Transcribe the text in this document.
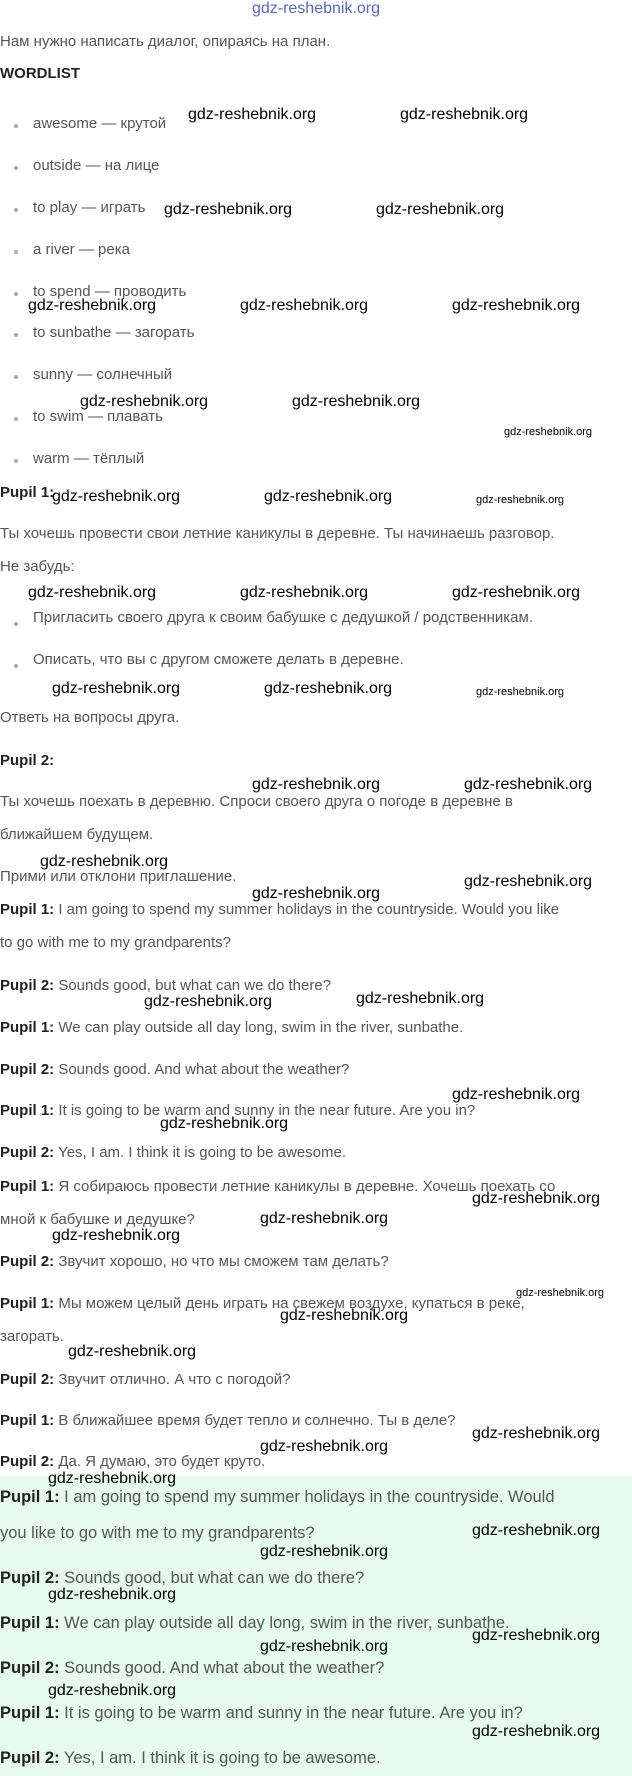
gdz-reshebnik.org
Нам нужно написать диалог, опираясь на план.
WORDLIST
awesome — крутой
outside — на лице
to play — играть
a river — река
to spend — проводить
to sunbathe — загорать
sunny — солнечный
to swim — плавать
warm — тёплый
Pupil 1:
Ты хочешь провести свои летние каникулы в деревне. Ты начинаешь разговор.
Не забудь:
Пригласить своего друга к своим бабушке с дедушкой / родственникам.
Описать, что вы с другом сможете делать в деревне.
Ответь на вопросы друга.
Pupil 2:
Ты хочешь поехать в деревню. Спроси своего друга о погоде в деревне в
ближайшем будущем.
Прими или отклони приглашение.
Pupil 1: I am going to spend my summer holidays in the countryside. Would you like
to go with me to my grandparents?
Pupil 2: Sounds good, but what can we do there?
Pupil 1: We can play outside all day long, swim in the river, sunbathe.
Pupil 2: Sounds good. And what about the weather?
Pupil 1: It is going to be warm and sunny in the near future. Are you in?
Pupil 2: Yes, I am. I think it is going to be awesome.
Pupil 1: Я собираюсь провести летние каникулы в деревне. Хочешь поехать со
мной к бабушке и дедушке?
Pupil 2: Звучит хорошо, но что мы сможем там делать?
Pupil 1: Мы можем целый день играть на свежем воздухе, купаться в реке,
загорать.
Pupil 2: Звучит отлично. А что с погодой?
Pupil 1: В ближайшее время будет тепло и солнечно. Ты в деле?
Pupil 2: Да. Я думаю, это будет круто.
Pupil 1: I am going to spend my summer holidays in the countryside. Would
you like to go with me to my grandparents?
Pupil 2: Sounds good, but what can we do there?
Pupil 1: We can play outside all day long, swim in the river, sunbathe.
Pupil 2: Sounds good. And what about the weather?
Pupil 1: It is going to be warm and sunny in the near future. Are you in?
Pupil 2: Yes, I am. I think it is going to be awesome.
gdz-reshebnik.org	gdz-reshebnik.org
gdz-reshebnik.org	gdz-reshebnik.org
gdz-reshebnik.org	gdz-reshebnik.org	gdz-reshebnik.org
gdz-reshebnik.org	gdz-reshebnik.org
gdz-reshebnik.org
gdz-reshebnik.org	gdz-reshebnik.org	gdz-reshebnik.org
gdz-reshebnik.org	gdz-reshebnik.org	gdz-reshebnik.org
gdz-reshebnik.org	gdz-reshebnik.org	gdz-reshebnik.org
gdz-reshebnik.org	gdz-reshebnik.org
gdz-reshebnik.org
gdz-reshebnik.org
gdz-reshebnik.org
gdz-reshebnik.org	gdz-reshebnik.org
gdz-reshebnik.org
gdz-reshebnik.org
gdz-reshebnik.org
gdz-reshebnik.org
gdz-reshebnik.org
gdz-reshebnik.org
gdz-reshebnik.org
gdz-reshebnik.org
gdz-reshebnik.org
gdz-reshebnik.org
gdz-reshebnik.org
gdz-reshebnik.org
gdz-reshebnik.org
gdz-reshebnik.org
gdz-reshebnik.org
gdz-reshebnik.org
gdz-reshebnik.org
gdz-reshebnik.org
